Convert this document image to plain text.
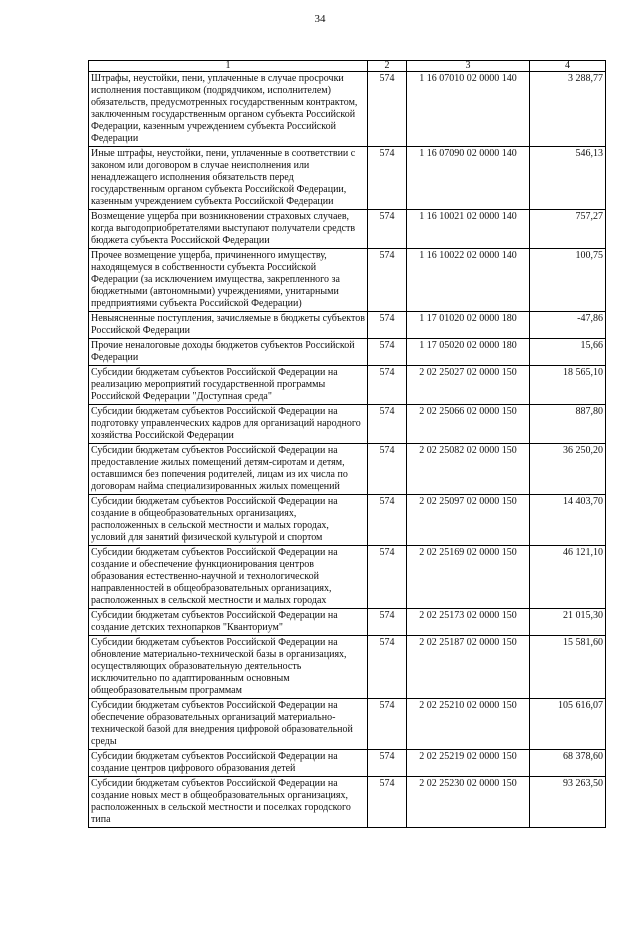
34
1	2	3	4
Штрафы, неустойки, пени, уплаченные в случае просрочки исполнения поставщиком (подрядчиком, исполнителем) обязательств, предусмотренных государственным контрактом, заключенным государственным органом субъекта Российской Федерации, казенным учреждением субъекта Российской Федерации	574	1 16 07010 02 0000 140	3 288,77
Иные штрафы, неустойки, пени, уплаченные в соответствии с законом или договором в случае неисполнения или ненадлежащего исполнения обязательств перед государственным органом субъекта Российской Федерации, казенным учреждением субъекта Российской Федерации	574	1 16 07090 02 0000 140	546,13
Возмещение ущерба при возникновении страховых случаев, когда выгодоприобретателями выступают получатели средств бюджета субъекта Российской Федерации	574	1 16 10021 02 0000 140	757,27
Прочее возмещение ущерба, причиненного имуществу, находящемуся в собственности субъекта Российской Федерации (за исключением имущества, закрепленного за бюджетными (автономными) учреждениями, унитарными предприятиями субъекта Российской Федерации)	574	1 16 10022 02 0000 140	100,75
Невыясненные поступления, зачисляемые в бюджеты субъектов Российской Федерации	574	1 17 01020 02 0000 180	-47,86
Прочие неналоговые доходы бюджетов субъектов Российской Федерации	574	1 17 05020 02 0000 180	15,66
Субсидии бюджетам субъектов Российской Федерации на реализацию мероприятий государственной программы Российской Федерации "Доступная среда"	574	2 02 25027 02 0000 150	18 565,10
Субсидии бюджетам субъектов Российской Федерации на подготовку управленческих кадров для организаций народного хозяйства Российской Федерации	574	2 02 25066 02 0000 150	887,80
Субсидии бюджетам субъектов Российской Федерации на предоставление жилых помещений детям-сиротам и детям, оставшимся без попечения родителей, лицам из их числа по договорам найма специализированных жилых помещений	574	2 02 25082 02 0000 150	36 250,20
Субсидии бюджетам субъектов Российской Федерации на создание в общеобразовательных организациях, расположенных в сельской местности и малых городах, условий для занятий физической культурой и спортом	574	2 02 25097 02 0000 150	14 403,70
Субсидии бюджетам субъектов Российской Федерации на создание и обеспечение функционирования центров образования естественно-научной и технологической направленностей в общеобразовательных организациях, расположенных в сельской местности и малых городах	574	2 02 25169 02 0000 150	46 121,10
Субсидии бюджетам субъектов Российской Федерации на создание детских технопарков "Кванториум"	574	2 02 25173 02 0000 150	21 015,30
Субсидии бюджетам субъектов Российской Федерации на обновление материально-технической базы в организациях, осуществляющих образовательную деятельность исключительно по адаптированным основным общеобразовательным программам	574	2 02 25187 02 0000 150	15 581,60
Субсидии бюджетам субъектов Российской Федерации на обеспечение образовательных организаций материально-технической базой для внедрения цифровой образовательной среды	574	2 02 25210 02 0000 150	105 616,07
Субсидии бюджетам субъектов Российской Федерации на создание центров цифрового образования детей	574	2 02 25219 02 0000 150	68 378,60
Субсидии бюджетам субъектов Российской Федерации на создание новых мест в общеобразовательных организациях, расположенных в сельской местности и поселках городского типа	574	2 02 25230 02 0000 150	93 263,50
